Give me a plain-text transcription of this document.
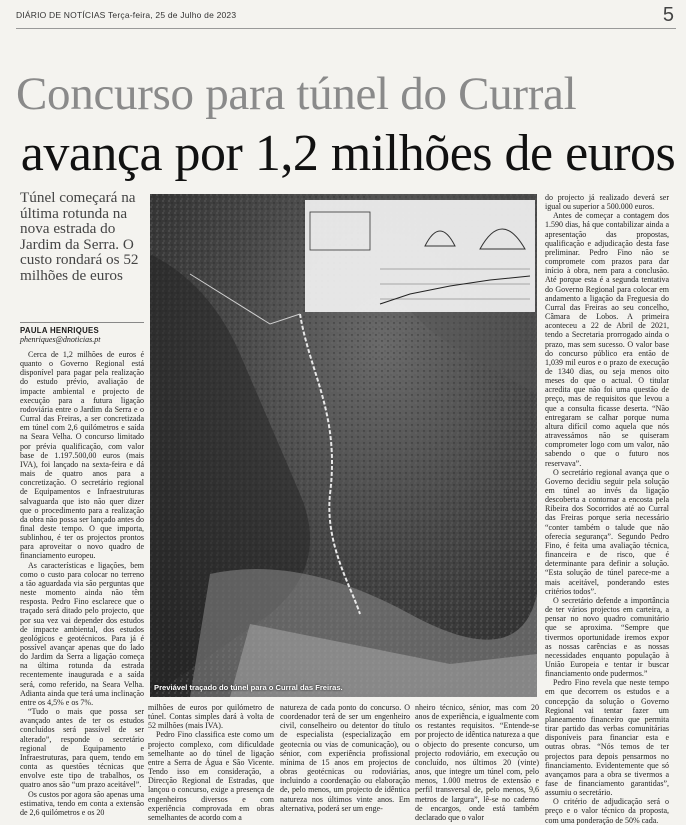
DIÁRIO DE NOTÍCIAS Terça-feira, 25 de Julho de 2023	5
Concurso para túnel do Curral
avança por 1,2 milhões de euros
Túnel começará na última rotunda na nova estrada do Jardim da Serra. O custo rondará os 52 milhões de euros
PAULA HENRIQUES
phenriques@dnoticias.pt

Cerca de 1,2 milhões de euros é quanto o Governo Regional está disponível para pagar pela realização do estudo prévio, avaliação de impacte ambiental e projecto de execução para a futura ligação rodoviária entre o Jardim da Serra e o Curral das Freiras, a ser concretizada em túnel com 2,6 quilómetros e saída na Seara Velha. O concurso limitado por prévia qualificação, com valor base de 1.197.500,00 euros (mais IVA), foi lançado na sexta-feira e dá mais de quatro anos para a concretização. O secretário regional de Equipamentos e Infraestruturas salvaguarda que isto não quer dizer que o procedimento para a realização da obra não possa ser lançado antes do final deste tempo. O que importa, sublinhou, é ter os projectos prontos para aproveitar o novo quadro de financiamento europeu.

As características e ligações, bem como o custo para colocar no terreno a tão aguardada via são perguntas que neste momento ainda não têm resposta. Pedro Fino esclarece que o traçado será ditado pelo projecto, que por sua vez vai depender dos estudos de impacte ambiental, dos estudos geológicos e geotécnicos. Para já é possível avançar apenas que do lado do Jardim da Serra a ligação começa na última rotunda da estrada recentemente inaugurada e a saída será, como referido, na Seara Velha. Adianta ainda que terá uma inclinação entre os 4,5% e os 7%.

“Tudo o mais que possa ser avançado antes de ter os estudos concluídos será passível de ser alterado”, responde o secretário regional de Equipamento e Infraestruturas, para quem, tendo em conta as questões técnicas que envolve este tipo de trabalhos, os quatro anos são “um prazo aceitável”.

Os custos por agora são apenas uma estimativa, tendo em conta a extensão de 2,6 quilómetros e os 20

Previável traçado do túnel para o Curral das Freiras.

milhões de euros por quilómetro de túnel. Contas simples dará à volta de 52 milhões (mais IVA).

Pedro Fino classifica este como um projecto complexo, com dificuldade semelhante ao do túnel de ligação entre a Serra de Água e São Vicente. Tendo isso em consideração, a Direcção Regional de Estradas, que lançou o concurso, exige a presença de engenheiros diversos e com experiência comprovada em obras semelhantes de acordo com a

natureza de cada ponto do concurso. O coordenador terá de ser um engenheiro civil, conselheiro ou detentor do título de especialista (especialização em geotecnia ou vias de comunicação), ou sénior, com experiência profissional mínima de 15 anos em projectos de obras geotécnicas ou rodoviárias, incluindo a coordenação ou elaboração de, pelo menos, um projecto de idêntica natureza nos últimos vinte anos. Em alternativa, poderá ser um enge-

nheiro técnico, sénior, mas com 20 anos de experiência, e igualmente com os restantes requisitos. “Entende-se por projecto de idêntica natureza a que o objecto do presente concurso, um projecto rodoviário, em execução ou concluído, nos últimos 20 (vinte) anos, que integre um túnel com, pelo menos, 1.000 metros de extensão e perfil transversal de, pelo menos, 9,6 metros de largura”, lê-se no caderno de encargos, onde está também declarado que o valor

do projecto já realizado deverá ser igual ou superior a 500.000 euros.

Antes de começar a contagem dos 1.590 dias, há que contabilizar ainda a apresentação das propostas, qualificação e adjudicação desta fase preliminar. Pedro Fino não se compromete com prazos para dar início à obra, nem para a conclusão. Até porque esta é a segunda tentativa do Governo Regional para colocar em andamento a ligação da Freguesia do Curral das Freiras ao seu concelho, Câmara de Lobos. A primeira aconteceu a 22 de Abril de 2021, tendo a Secretaria prorrogado ainda o prazo, mas sem sucesso. O valor base do concurso público era então de 1,039 mil euros e o prazo de execução de 1340 dias, ou seja menos oito meses do que o actual. O titular acredita que não foi uma questão de preço, mas de requisitos que levou a que a consulta ficasse deserta. “Não entregaram se calhar porque numa altura difícil como aquela que nós atravessámos não se quiseram comprometer logo com um valor, não sabendo o que o futuro nos reservava”.

O secretário regional avança que o Governo decidiu seguir pela solução em túnel ao invés da ligação descoberta a contornar a encosta pela Ribeira dos Socorridos até ao Curral das Freiras porque seria necessário “conter também o talude que não oferecia segurança”. Segundo Pedro Fino, é feita uma avaliação técnica, financeira e de risco, que é determinante para definir a solução. “Esta solução de túnel parece-me a mais aceitável, ponderando estes critérios todos”.

O secretário defende a importância de ter vários projectos em carteira, a pensar no novo quadro comunitário que se aproxima. “Sempre que tivermos oportunidade iremos expor as nossas carências e as nossas necessidades enquanto população à União Europeia e tentar ir buscar financiamento onde pudermos.”

Pedro Fino revela que neste tempo em que decorrem os estudos e a concepção da solução o Governo Regional vai tentar fazer um planeamento financeiro que permita tirar partido das verbas comunitárias disponíveis para financiar esta e outras obras. “Nós temos de ter projectos para depois pensarmos no financiamento. Evidentemente que só avançamos para a obra se tivermos a fase de financiamento garantidas”, assumiu o secretário.

O critério de adjudicação será o preço e o valor técnico da proposta, com uma ponderação de 50% cada.
